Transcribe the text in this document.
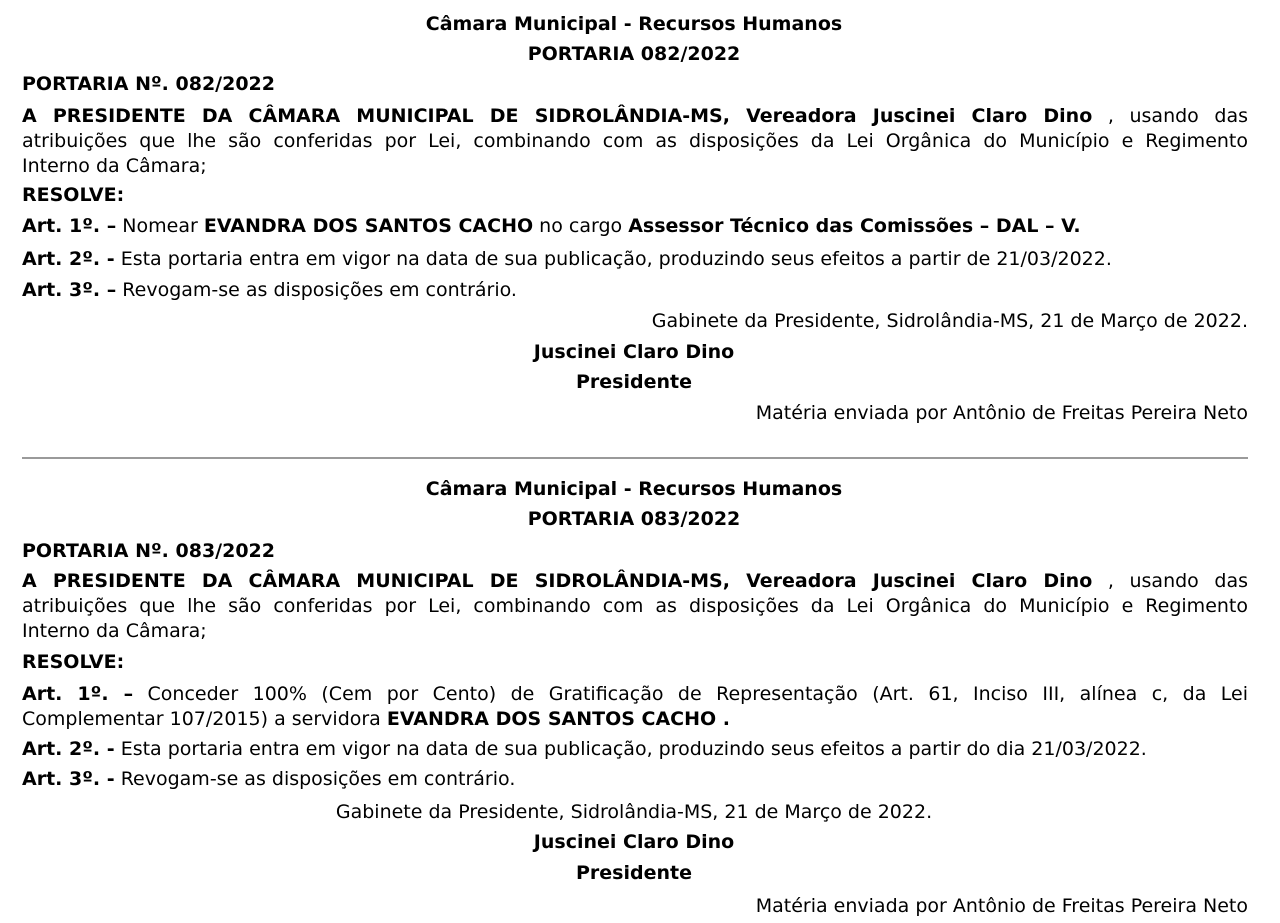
Câmara Municipal - Recursos Humanos
PORTARIA 082/2022
PORTARIA Nº. 082/2022
A PRESIDENTE DA CÂMARA MUNICIPAL DE SIDROLÂNDIA-MS, Vereadora Juscinei Claro Dino , usando das
atribuições que lhe são conferidas por Lei, combinando com as disposições da Lei Orgânica do Município e Regimento
Interno da Câmara;
RESOLVE:
Art. 1º. – Nomear EVANDRA DOS SANTOS CACHO no cargo Assessor Técnico das Comissões – DAL – V.
Art. 2º. - Esta portaria entra em vigor na data de sua publicação, produzindo seus efeitos a partir de 21/03/2022.
Art. 3º. – Revogam-se as disposições em contrário.
Gabinete da Presidente, Sidrolândia-MS, 21 de Março de 2022.
Juscinei Claro Dino
Presidente
Matéria enviada por Antônio de Freitas Pereira Neto
Câmara Municipal - Recursos Humanos
PORTARIA 083/2022
PORTARIA Nº. 083/2022
A PRESIDENTE DA CÂMARA MUNICIPAL DE SIDROLÂNDIA-MS, Vereadora Juscinei Claro Dino , usando das
atribuições que lhe são conferidas por Lei, combinando com as disposições da Lei Orgânica do Município e Regimento
Interno da Câmara;
RESOLVE:
Art. 1º. – Conceder 100% (Cem por Cento) de Gratificação de Representação (Art. 61, Inciso III, alínea c, da Lei
Complementar 107/2015) a servidora EVANDRA DOS SANTOS CACHO .
Art. 2º. - Esta portaria entra em vigor na data de sua publicação, produzindo seus efeitos a partir do dia 21/03/2022.
Art. 3º. - Revogam-se as disposições em contrário.
Gabinete da Presidente, Sidrolândia-MS, 21 de Março de 2022.
Juscinei Claro Dino
Presidente
Matéria enviada por Antônio de Freitas Pereira Neto
